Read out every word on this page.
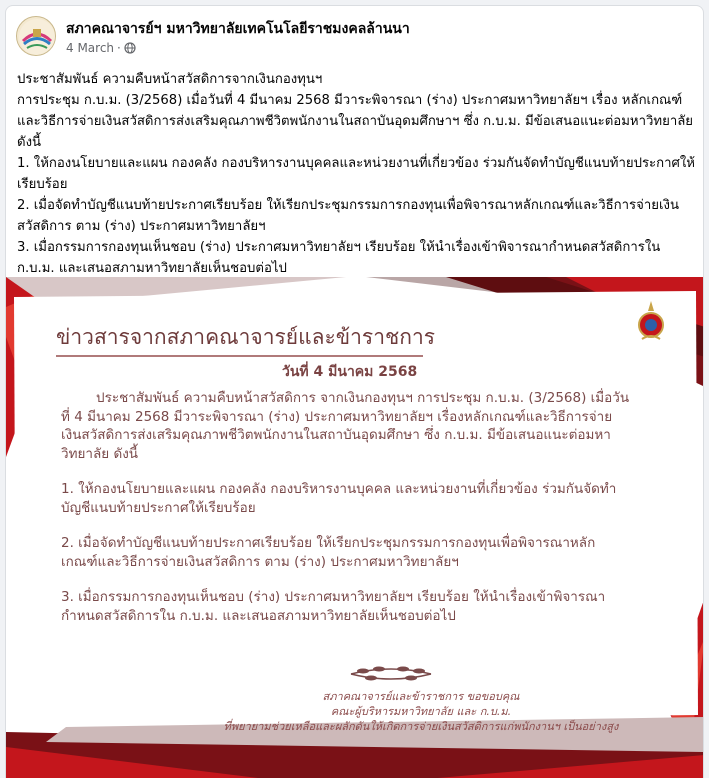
สภาคณาจารย์ฯ มหาวิทยาลัยเทคโนโลยีราชมงคลล้านนา
4 March ·

ประชาสัมพันธ์ ความคืบหน้าสวัสดิการจากเงินกองทุนฯ

การประชุม ก.บ.ม. (3/2568) เมื่อวันที่ 4 มีนาคม 2568 มีวาระพิจารณา (ร่าง) ประกาศมหาวิทยาลัยฯ เรื่อง หลักเกณฑ์และวิธีการจ่ายเงินสวัสดิการส่งเสริมคุณภาพชีวิตพนักงานในสถาบันอุดมศึกษาฯ ซึ่ง ก.บ.ม. มีข้อเสนอแนะต่อมหาวิทยาลัยดังนี้

1. ให้กองนโยบายและแผน กองคลัง กองบริหารงานบุคคลและหน่วยงานที่เกี่ยวข้อง ร่วมกันจัดทำบัญชีแนบท้ายประกาศให้เรียบร้อย

2. เมื่อจัดทำบัญชีแนบท้ายประกาศเรียบร้อย ให้เรียกประชุมกรรมการกองทุนเพื่อพิจารณาหลักเกณฑ์และวิธีการจ่ายเงินสวัสดิการ ตาม (ร่าง) ประกาศมหาวิทยาลัยฯ

3. เมื่อกรรมการกองทุนเห็นชอบ (ร่าง) ประกาศมหาวิทยาลัยฯ เรียบร้อย ให้นำเรื่องเข้าพิจารณากำหนดสวัสดิการใน ก.บ.ม. และเสนอสภามหาวิทยาลัยเห็นชอบต่อไป

ข่าวสารจากสภาคณาจารย์และข้าราชการ
วันที่ 4 มีนาคม 2568

ประชาสัมพันธ์ ความคืบหน้าสวัสดิการ จากเงินกองทุนฯ การประชุม ก.บ.ม. (3/2568) เมื่อวันที่ 4 มีนาคม 2568 มีวาระพิจารณา (ร่าง) ประกาศมหาวิทยาลัยฯ เรื่องหลักเกณฑ์และวิธีการจ่ายเงินสวัสดิการส่งเสริมคุณภาพชีวิตพนักงานในสถาบันอุดมศึกษา ซึ่ง ก.บ.ม. มีข้อเสนอแนะต่อมหาวิทยาลัย ดังนี้

1. ให้กองนโยบายและแผน กองคลัง กองบริหารงานบุคคล และหน่วยงานที่เกี่ยวข้อง ร่วมกันจัดทำบัญชีแนบท้ายประกาศให้เรียบร้อย

2. เมื่อจัดทำบัญชีแนบท้ายประกาศเรียบร้อย ให้เรียกประชุมกรรมการกองทุนเพื่อพิจารณาหลักเกณฑ์และวิธีการจ่ายเงินสวัสดิการ ตาม (ร่าง) ประกาศมหาวิทยาลัยฯ

3. เมื่อกรรมการกองทุนเห็นชอบ (ร่าง) ประกาศมหาวิทยาลัยฯ เรียบร้อย ให้นำเรื่องเข้าพิจารณากำหนดสวัสดิการใน ก.บ.ม. และเสนอสภามหาวิทยาลัยเห็นชอบต่อไป

สภาคณาจารย์และข้าราชการ ขอขอบคุณ
คณะผู้บริหารมหาวิทยาลัย และ ก.บ.ม.
ที่พยายามช่วยเหลือและผลักดันให้เกิดการจ่ายเงินสวัสดิการแก่พนักงานฯ เป็นอย่างสูง
